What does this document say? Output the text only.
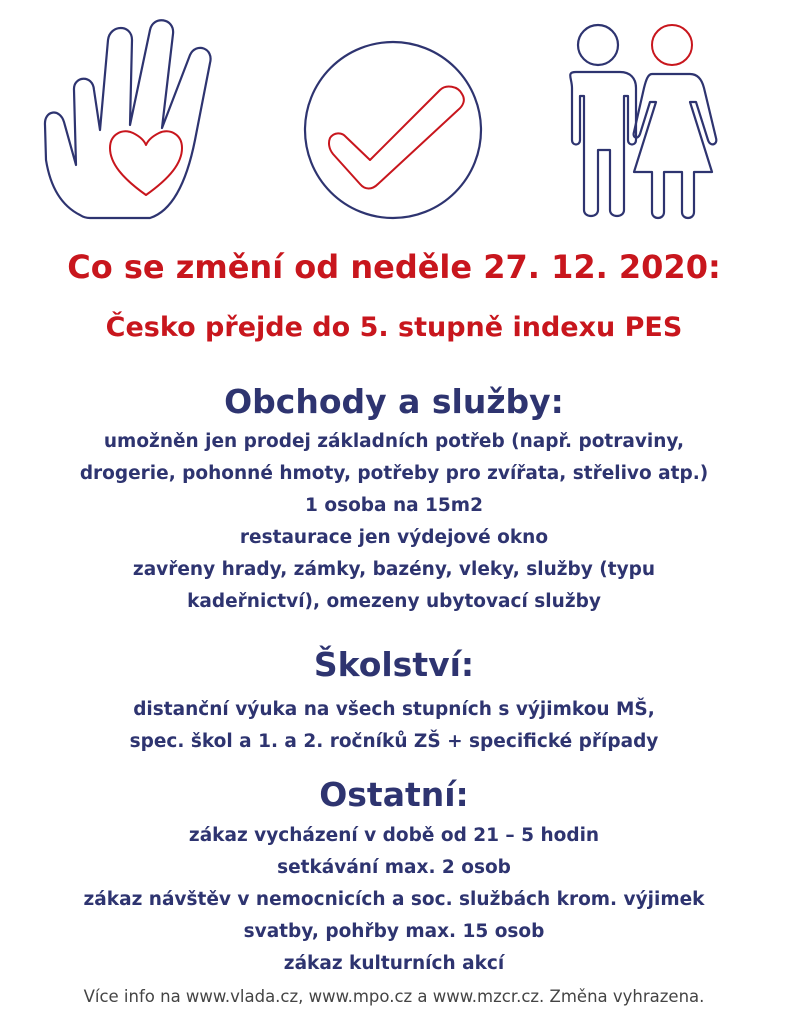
Co se změní od neděle 27. 12. 2020:
Česko přejde do 5. stupně indexu PES
Obchody a služby:

umožněn jen prodej základních potřeb (např. potraviny,

drogerie, pohonné hmoty, potřeby pro zvířata, střelivo atp.)

1 osoba na 15m2

restaurace jen výdejové okno

zavřeny hrady, zámky, bazény, vleky, služby (typu

kadeřnictví), omezeny ubytovací služby

Školství:

distanční výuka na všech stupních s výjimkou MŠ,

spec. škol a 1. a 2. ročníků ZŠ + specifické případy

Ostatní:

zákaz vycházení v době od 21 – 5 hodin

setkávání max. 2 osob

zákaz návštěv v nemocnicích a soc. službách krom. výjimek

svatby, pohřby max. 15 osob

zákaz kulturních akcí

Více info na www.vlada.cz, www.mpo.cz a www.mzcr.cz. Změna vyhrazena.
